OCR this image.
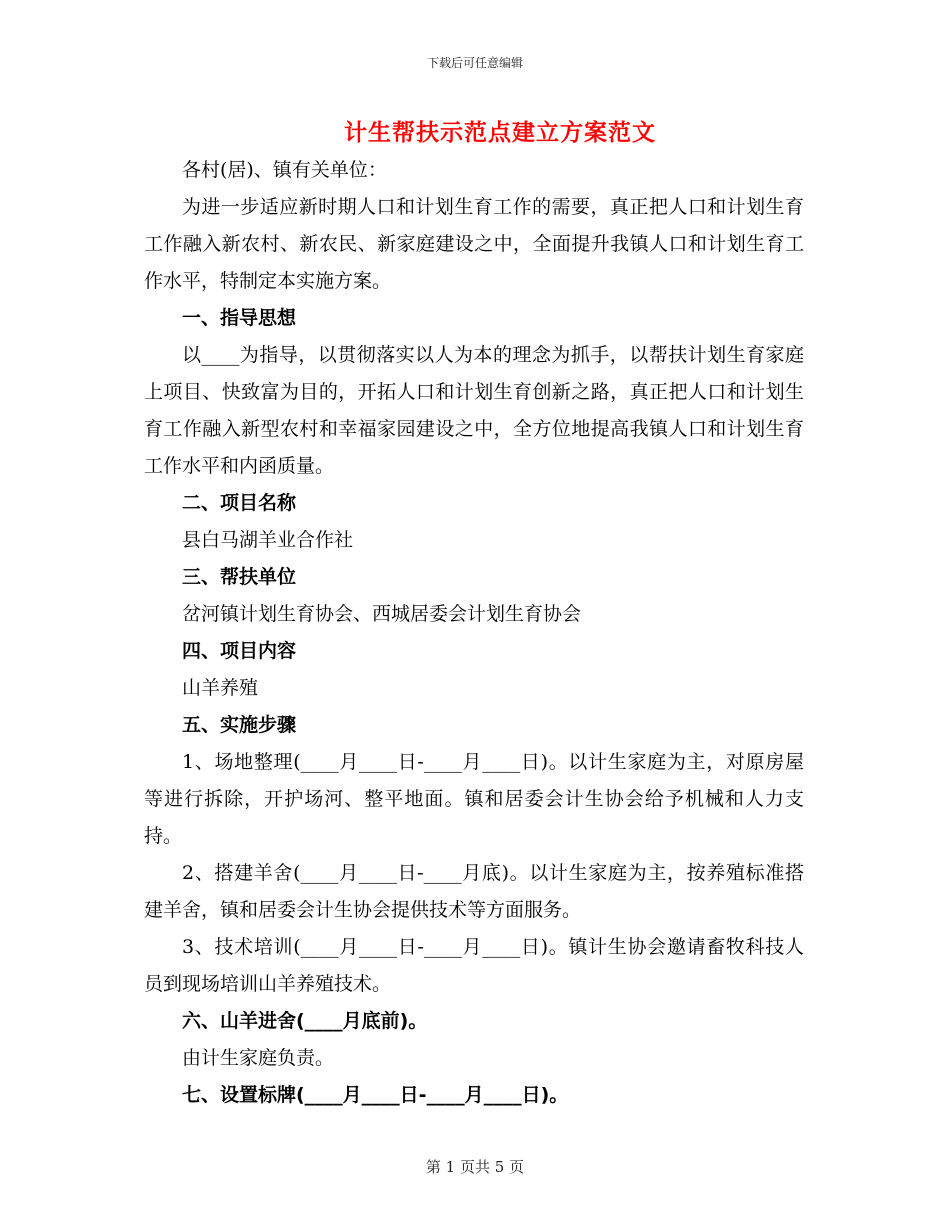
下载后可任意编辑
计生帮扶示范点建立方案范文

各村(居)、镇有关单位：

为进一步适应新时期人口和计划生育工作的需要，真正把人口和计划生育工作融入新农村、新农民、新家庭建设之中，全面提升我镇人口和计划生育工作水平，特制定本实施方案。

一、指导思想

以____为指导，以贯彻落实以人为本的理念为抓手，以帮扶计划生育家庭上项目、快致富为目的，开拓人口和计划生育创新之路，真正把人口和计划生育工作融入新型农村和幸福家园建设之中，全方位地提高我镇人口和计划生育工作水平和内函质量。

二、项目名称

县白马湖羊业合作社

三、帮扶单位

岔河镇计划生育协会、西城居委会计划生育协会

四、项目内容

山羊养殖

五、实施步骤

1、场地整理(____月____日-____月____日)。以计生家庭为主，对原房屋等进行拆除，开护场河、整平地面。镇和居委会计生协会给予机械和人力支持。

2、搭建羊舍(____月____日-____月底)。以计生家庭为主，按养殖标准搭建羊舍，镇和居委会计生协会提供技术等方面服务。

3、技术培训(____月____日-____月____日)。镇计生协会邀请畜牧科技人员到现场培训山羊养殖技术。

六、山羊进舍(____月底前)。

由计生家庭负责。

七、设置标牌(____月____日-____月____日)。

第 1 页共 5 页
